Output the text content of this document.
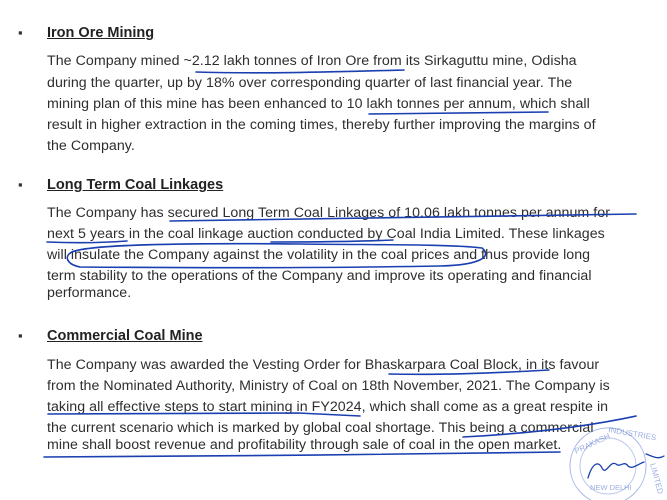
▪ Iron Ore Mining
The Company mined ~2.12 lakh tonnes of Iron Ore from its Sirkaguttu mine, Odisha
during the quarter, up by 18% over corresponding quarter of last financial year. The
mining plan of this mine has been enhanced to 10 lakh tonnes per annum, which shall
result in higher extraction in the coming times, thereby further improving the margins of
the Company.
▪ Long Term Coal Linkages
The Company has secured Long Term Coal Linkages of 10.06 lakh tonnes per annum for
next 5 years in the coal linkage auction conducted by Coal India Limited. These linkages
will insulate the Company against the volatility in the coal prices and thus provide long
term stability to the operations of the Company and improve its operating and financial
performance.
▪ Commercial Coal Mine
The Company was awarded the Vesting Order for Bhaskarpara Coal Block, in its favour
from the Nominated Authority, Ministry of Coal on 18th November, 2021. The Company is
taking all effective steps to start mining in FY2024, which shall come as a great respite in
the current scenario which is marked by global coal shortage. This being a commercial
mine shall boost revenue and profitability through sale of coal in the open market. PRAKASH
INDUSTRIES
LIMITED
NEW DELHI
